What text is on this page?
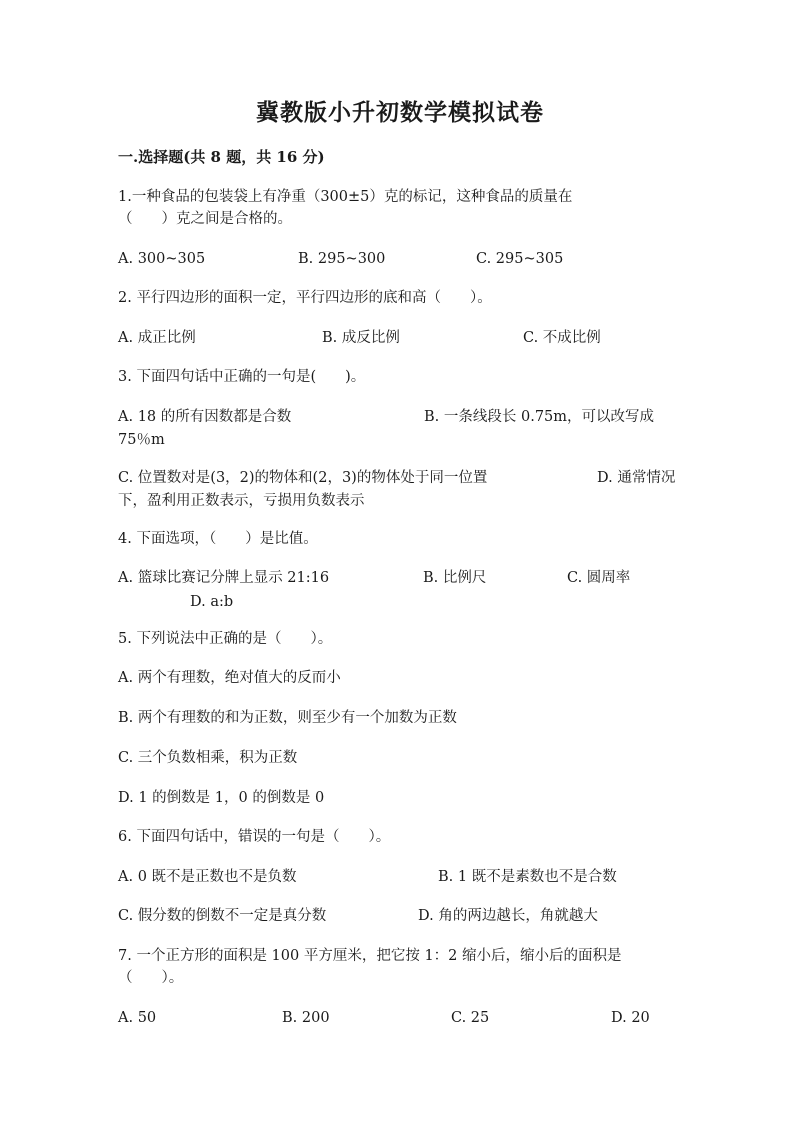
冀教版小升初数学模拟试卷
一.选择题(共 8 题，共 16 分)
1.一种食品的包装袋上有净重（300±5）克的标记，这种食品的质量在
（　　）克之间是合格的。
A. 300~305	B. 295~300	C. 295~305
2. 平行四边形的面积一定，平行四边形的底和高（　　）。
A. 成正比例	B. 成反比例	C. 不成比例
3. 下面四句话中正确的一句是(　　)。
A. 18 的所有因数都是合数	B. 一条线段长 0.75m，可以改写成
75％m
C. 位置数对是(3，2)的物体和(2，3)的物体处于同一位置	D. 通常情况
下，盈利用正数表示，亏损用负数表示
4. 下面选项，（　　）是比值。
A. 篮球比赛记分牌上显示 21:16	B. 比例尺	C. 圆周率
D. a:b
5. 下列说法中正确的是（　　）。
A. 两个有理数，绝对值大的反而小
B. 两个有理数的和为正数，则至少有一个加数为正数
C. 三个负数相乘，积为正数
D. 1 的倒数是 1，0 的倒数是 0
6. 下面四句话中，错误的一句是（　　）。
A. 0 既不是正数也不是负数	B. 1 既不是素数也不是合数
C. 假分数的倒数不一定是真分数	D. 角的两边越长，角就越大
7. 一个正方形的面积是 100 平方厘米，把它按 1：2 缩小后，缩小后的面积是
（　　）。
A. 50	B. 200	C. 25	D. 20
